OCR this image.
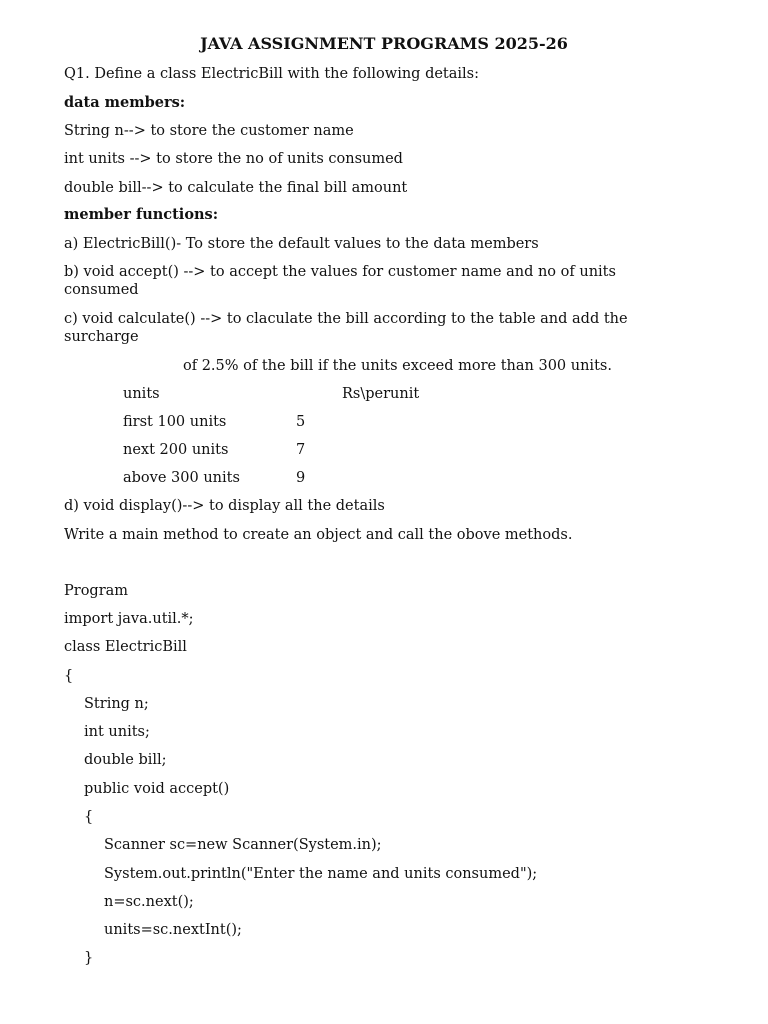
JAVA ASSIGNMENT PROGRAMS 2025-26
Q1. Define a class ElectricBill with the following details:
data members:
String n--> to store the customer name
int units --> to store the no of units consumed
double bill--> to calculate the final bill amount
member functions:
a) ElectricBill()- To store the default values to the data members
b) void accept() --> to accept the values for customer name and no of units consumed
c) void calculate() --> to claculate the bill according to the table and add the surcharge
of 2.5% of the bill if the units exceed more than 300 units.
units	Rs\perunit
first 100 units	5
next 200 units	7
above 300 units	9
d) void display()--> to display all the details
Write a main method to create an object and call the obove methods.
Program
import java.util.*;
class ElectricBill
{
String n;
int units;
double bill;
public void accept()
{
Scanner sc=new Scanner(System.in);
System.out.println("Enter the name and units consumed");
n=sc.next();
units=sc.nextInt();
}
